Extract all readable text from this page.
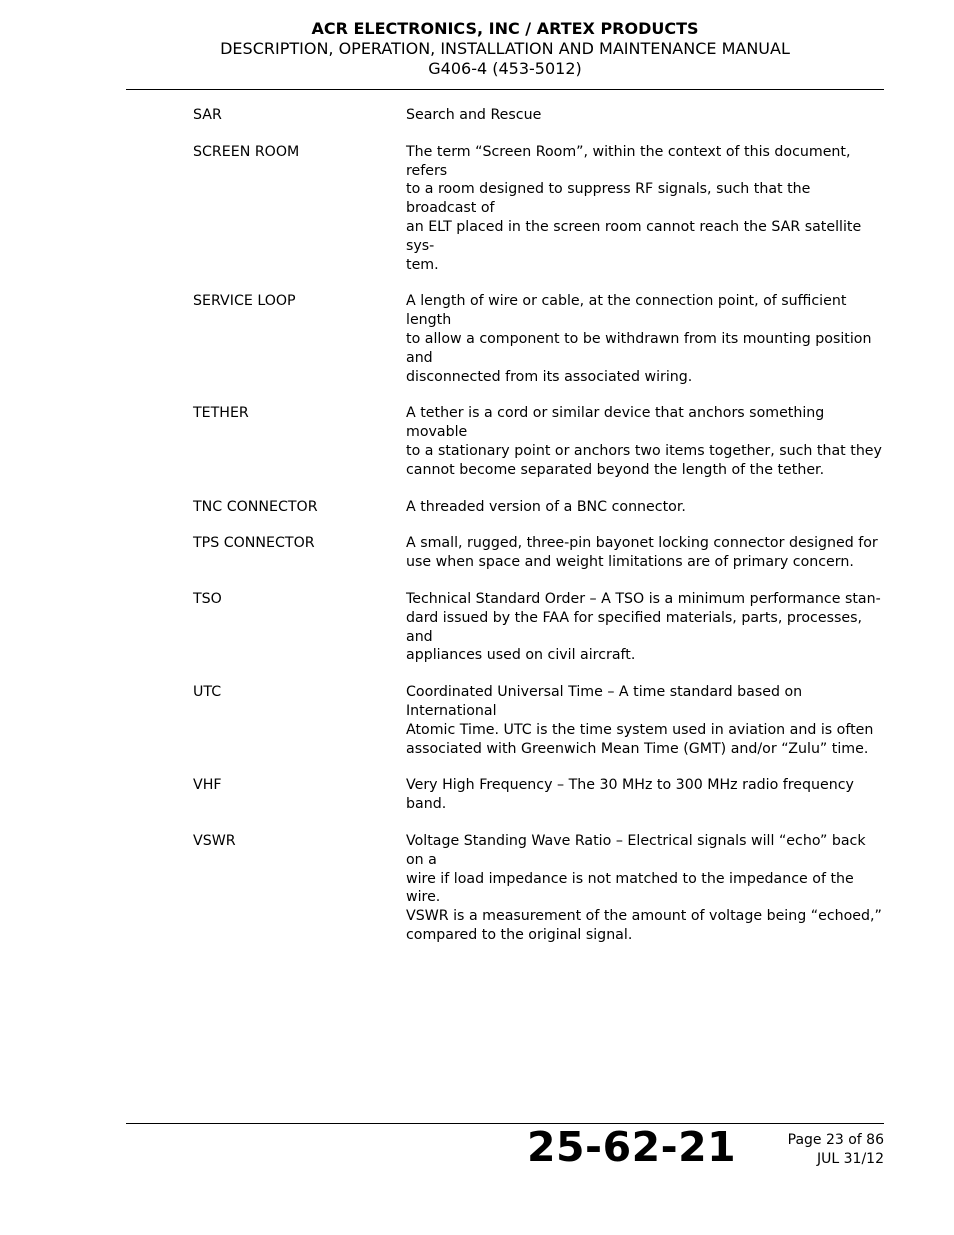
ACR ELECTRONICS, INC / ARTEX PRODUCTS
DESCRIPTION, OPERATION, INSTALLATION AND MAINTENANCE MANUAL
G406-4 (453-5012)
SAR	Search and Rescue
SCREEN ROOM	The term “Screen Room”, within the context of this document, refers
to a room designed to suppress RF signals, such that the broadcast of
an ELT placed in the screen room cannot reach the SAR satellite sys-
tem.
SERVICE LOOP	A length of wire or cable, at the connection point, of sufficient length
to allow a component to be withdrawn from its mounting position and
disconnected from its associated wiring.
TETHER	A tether is a cord or similar device that anchors something movable
to a stationary point or anchors two items together, such that they
cannot become separated beyond the length of the tether.
TNC CONNECTOR	A threaded version of a BNC connector.
TPS CONNECTOR	A small, rugged, three-pin bayonet locking connector designed for
use when space and weight limitations are of primary concern.
TSO	Technical Standard Order – A TSO is a minimum performance stan-
dard issued by the FAA for specified materials, parts, processes, and
appliances used on civil aircraft.
UTC	Coordinated Universal Time – A time standard based on International
Atomic Time. UTC is the time system used in aviation and is often
associated with Greenwich Mean Time (GMT) and/or “Zulu” time.
VHF	Very High Frequency – The 30 MHz to 300 MHz radio frequency band.
VSWR	Voltage Standing Wave Ratio – Electrical signals will “echo” back on a
wire if load impedance is not matched to the impedance of the wire.
VSWR is a measurement of the amount of voltage being “echoed,”
compared to the original signal.
25-62-21	Page 23 of 86
JUL 31/12
